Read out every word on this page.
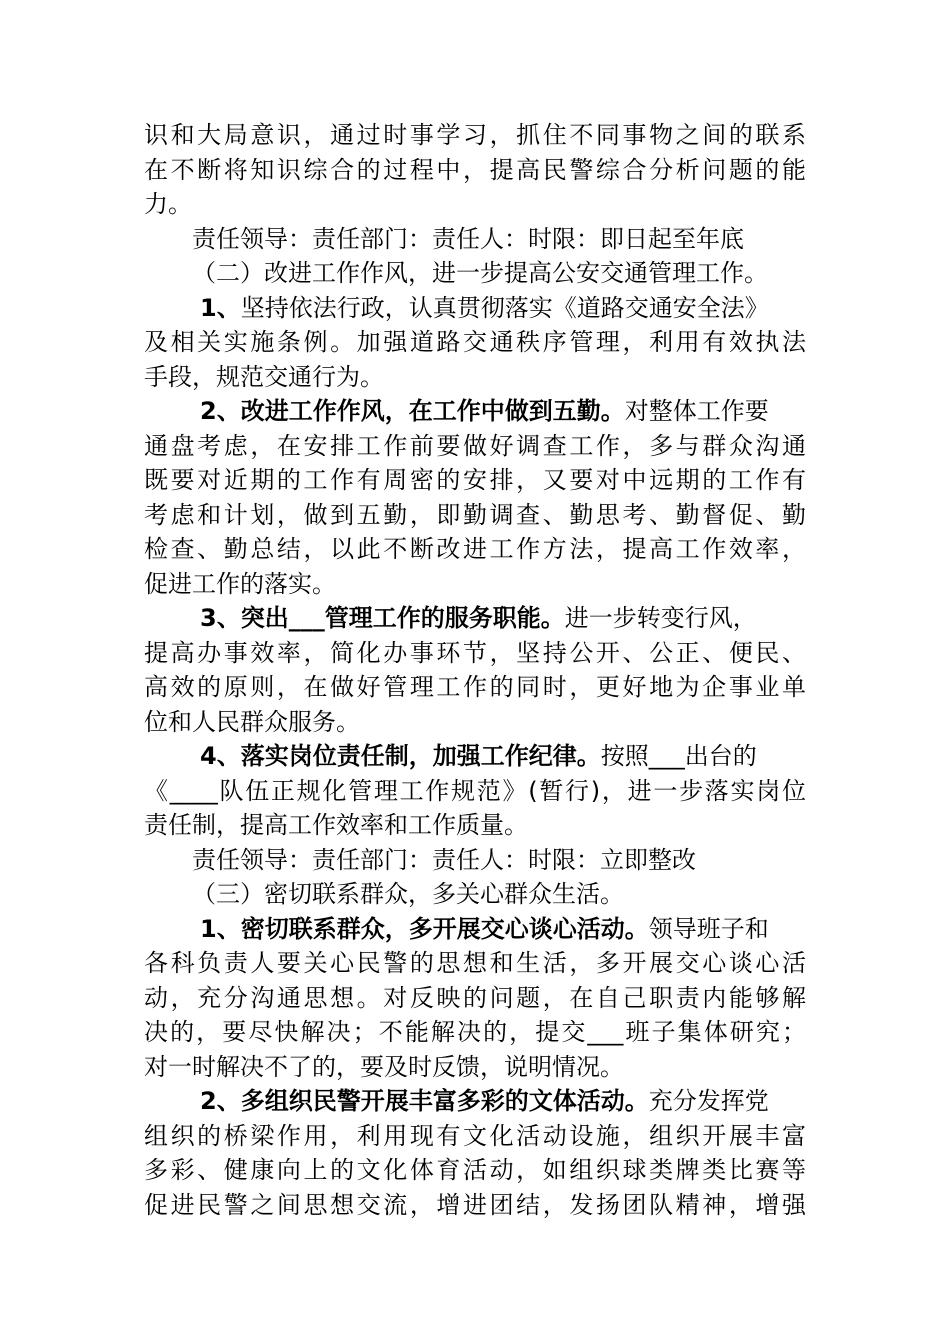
识和大局意识，通过时事学习，抓住不同事物之间的联系
在不断将知识综合的过程中，提高民警综合分析问题的能
力。
责任领导：责任部门：责任人：时限：即日起至年底
（二）改进工作作风，进一步提高公安交通管理工作。
1、坚持依法行政，认真贯彻落实《道路交通安全法》
及相关实施条例。加强道路交通秩序管理，利用有效执法
手段，规范交通行为。
2、改进工作作风，在工作中做到五勤。对整体工作要
通盘考虑，在安排工作前要做好调查工作，多与群众沟通
既要对近期的工作有周密的安排，又要对中远期的工作有
考虑和计划，做到五勤，即勤调查、勤思考、勤督促、勤
检查、勤总结，以此不断改进工作方法，提高工作效率，
促进工作的落实。
3、突出___管理工作的服务职能。进一步转变行风，
提高办事效率，简化办事环节，坚持公开、公正、便民、
高效的原则，在做好管理工作的同时，更好地为企事业单
位和人民群众服务。
4、落实岗位责任制，加强工作纪律。按照___出台的
《____队伍正规化管理工作规范》(暂行)，进一步落实岗位
责任制，提高工作效率和工作质量。
责任领导：责任部门：责任人：时限：立即整改
（三）密切联系群众，多关心群众生活。
1、密切联系群众，多开展交心谈心活动。领导班子和
各科负责人要关心民警的思想和生活，多开展交心谈心活
动，充分沟通思想。对反映的问题，在自己职责内能够解
决的，要尽快解决；不能解决的，提交___班子集体研究；
对一时解决不了的，要及时反馈，说明情况。
2、多组织民警开展丰富多彩的文体活动。充分发挥党
组织的桥梁作用，利用现有文化活动设施，组织开展丰富
多彩、健康向上的文化体育活动，如组织球类牌类比赛等
促进民警之间思想交流，增进团结，发扬团队精神，增强
